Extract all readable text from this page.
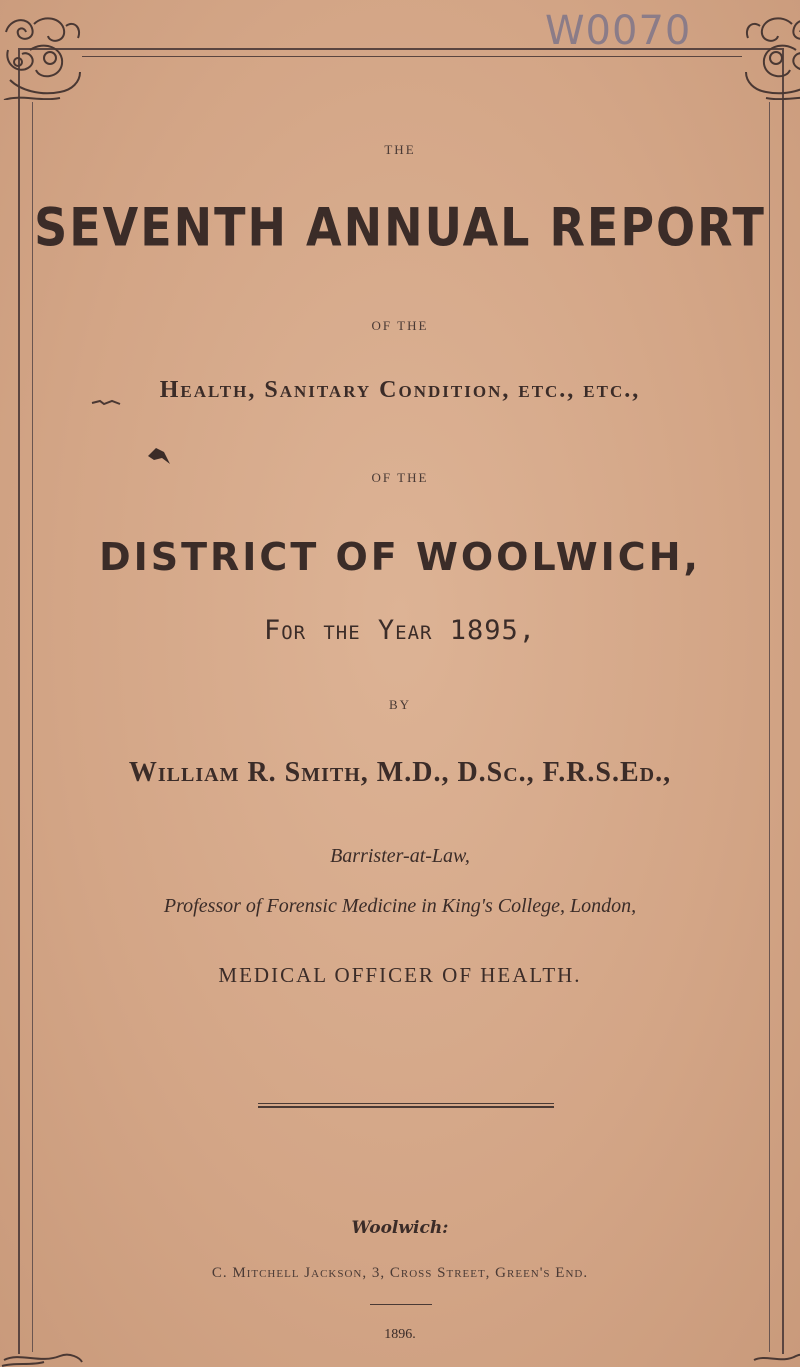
W0070
THE
SEVENTH ANNUAL REPORT
OF THE
Health, Sanitary Condition, etc., etc.,
OF THE
DISTRICT OF WOOLWICH,
For the Year 1895,
BY
William R. Smith, M.D., D.Sc., F.R.S.Ed.,
Barrister-at-Law,
Professor of Forensic Medicine in King's College, London,
MEDICAL OFFICER OF HEALTH.
Woolwich:
C. Mitchell Jackson, 3, Cross Street, Green's End.
1896.
